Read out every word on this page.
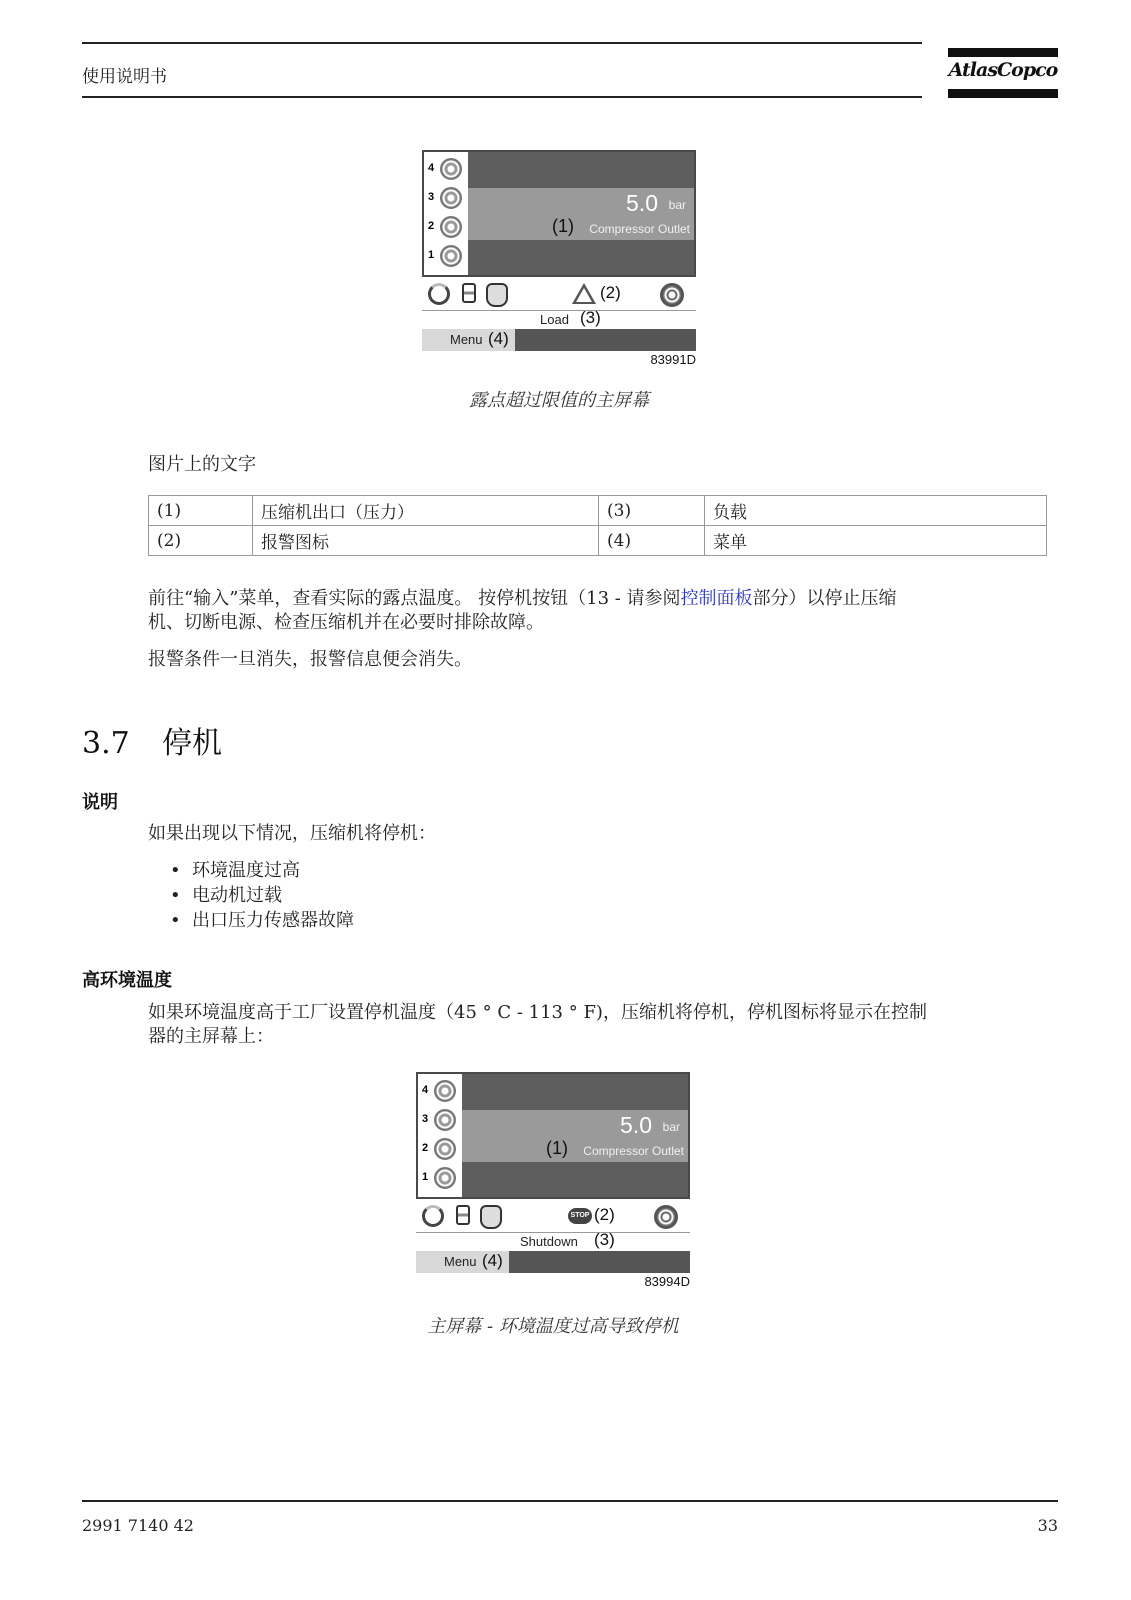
使用说明书	AtlasCopco
4
3
2
1
5.0 bar
(1) Compressor Outlet
(2)
Load (3)
Menu (4)
83991D
露点超过限值的主屏幕
图片上的文字
(1)	压缩机出口（压力）	(3)	负载
(2)	报警图标	(4)	菜单
前往“输入”菜单，查看实际的露点温度。 按停机按钮（13 - 请参阅控制面板部分）以停止压缩
机、切断电源、检查压缩机并在必要时排除故障。
报警条件一旦消失，报警信息便会消失。
3.7 停机
说明
如果出现以下情况，压缩机将停机：
• 环境温度过高
• 电动机过载
• 出口压力传感器故障
高环境温度
如果环境温度高于工厂设置停机温度（45 ° C - 113 ° F)，压缩机将停机，停机图标将显示在控制
器的主屏幕上：
4
3
2
1
5.0 bar
(1) Compressor Outlet
STOP (2)
Shutdown (3)
Menu (4)
83994D
主屏幕 - 环境温度过高导致停机
2991 7140 42	33
